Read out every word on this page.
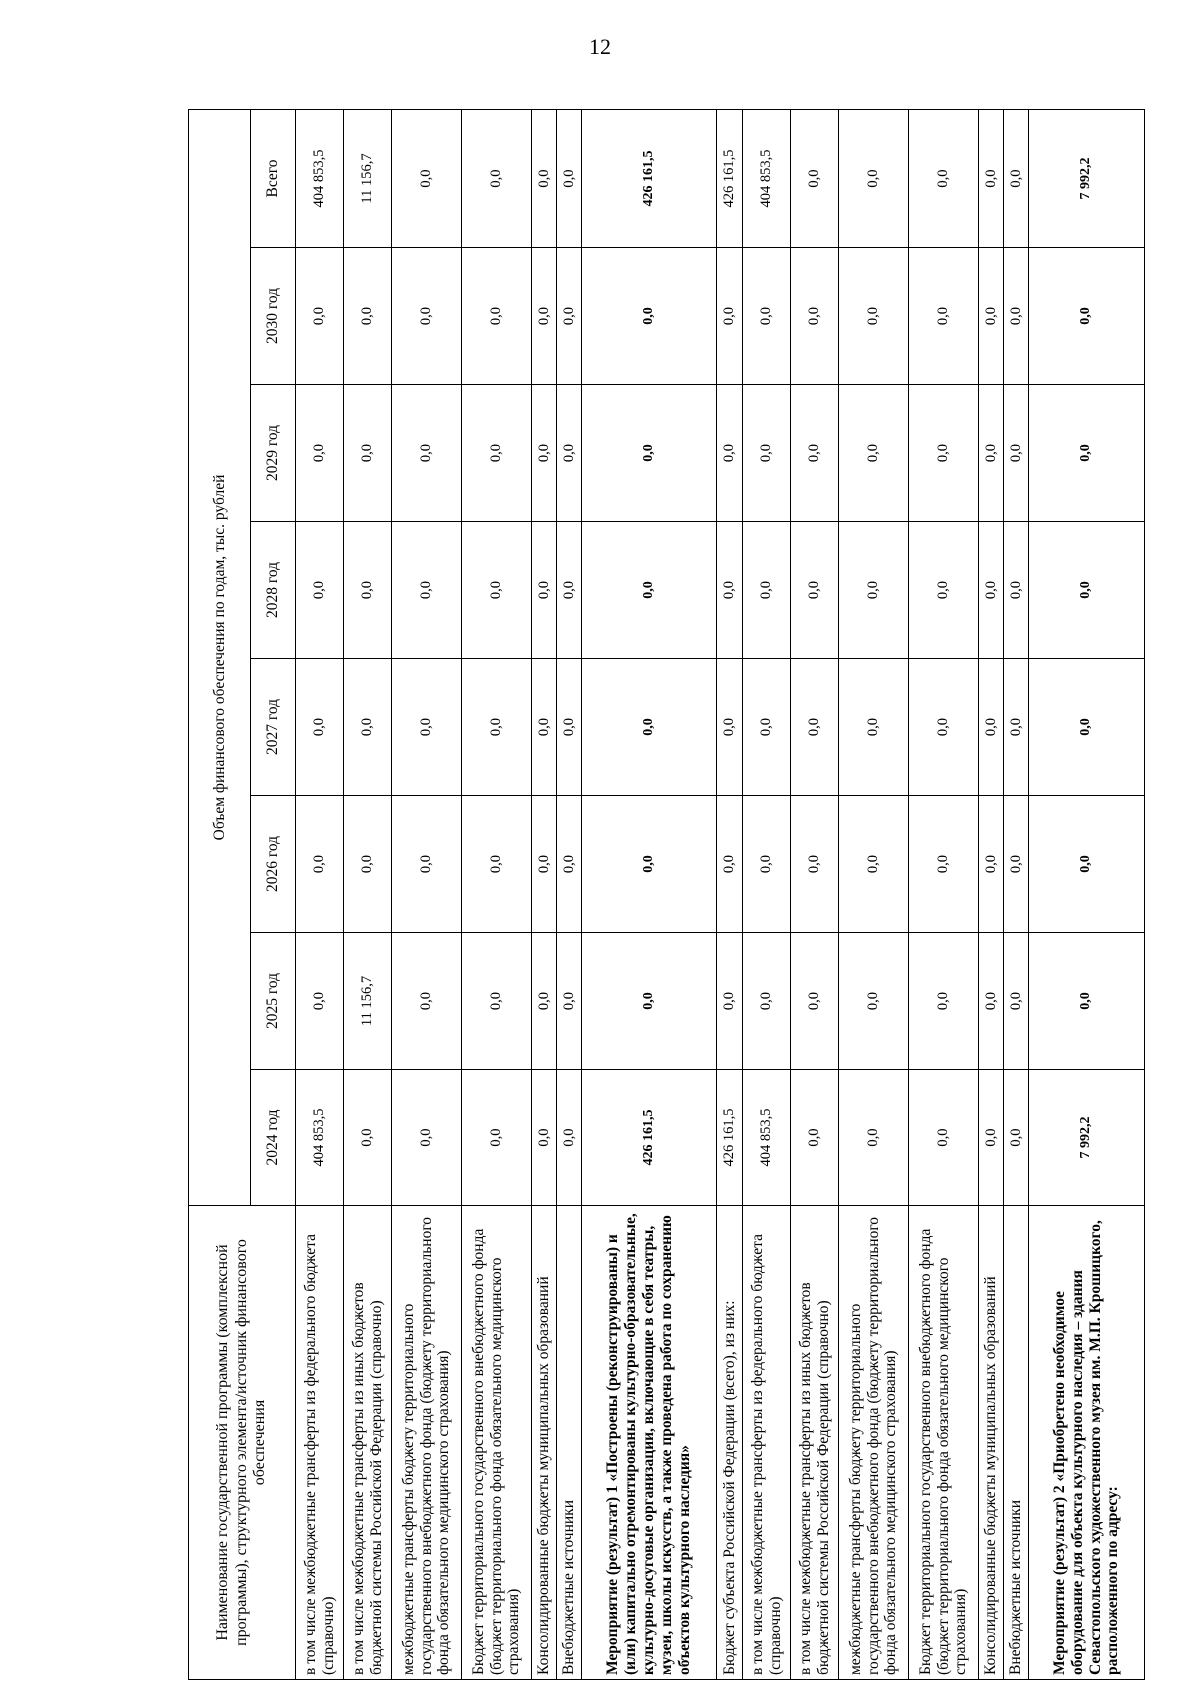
12
Наименование государственной программы (комплексной программы), структурного элемента/источник финансового обеспечения	Объем финансового обеспечения по годам, тыс. рублей							
	2024 год	2025 год	2026 год	2027 год	2028 год	2029 год	2030 год	Всего

в том числе межбюджетные трансферты из федерального бюджета (справочно)	404 853,5	0,0	0,0	0,0	0,0	0,0	0,0	404 853,5

в том числе межбюджетные трансферты из иных бюджетов бюджетной системы Российской Федерации (справочно)	0,0	11 156,7	0,0	0,0	0,0	0,0	0,0	11 156,7

межбюджетные трансферты бюджету территориального государственного внебюджетного фонда (бюджету территориального фонда обязательного медицинского страхования)	0,0	0,0	0,0	0,0	0,0	0,0	0,0	0,0

Бюджет территориального государственного внебюджетного фонда (бюджет территориального фонда обязательного медицинского страхования)	0,0	0,0	0,0	0,0	0,0	0,0	0,0	0,0

Консолидированные бюджеты муниципальных образований	0,0	0,0	0,0	0,0	0,0	0,0	0,0	0,0

Внебюджетные источники	0,0	0,0	0,0	0,0	0,0	0,0	0,0	0,0

Мероприятие (результат) 1 «Построены (реконструированы) и (или) капитально отремонтированы культурно-образовательные, культурно-досуговые организации, включающие в себя театры, музеи, школы искусств, а также проведена работа по сохранению объектов культурного наследия»	426 161,5	0,0	0,0	0,0	0,0	0,0	0,0	426 161,5

Бюджет субъекта Российской Федерации (всего), из них:	426 161,5	0,0	0,0	0,0	0,0	0,0	0,0	426 161,5

в том числе межбюджетные трансферты из федерального бюджета (справочно)	404 853,5	0,0	0,0	0,0	0,0	0,0	0,0	404 853,5

в том числе межбюджетные трансферты из иных бюджетов бюджетной системы Российской Федерации (справочно)	0,0	0,0	0,0	0,0	0,0	0,0	0,0	0,0

межбюджетные трансферты бюджету территориального государственного внебюджетного фонда (бюджету территориального фонда обязательного медицинского страхования)	0,0	0,0	0,0	0,0	0,0	0,0	0,0	0,0

Бюджет территориального государственного внебюджетного фонда (бюджет территориального фонда обязательного медицинского страхования)	0,0	0,0	0,0	0,0	0,0	0,0	0,0	0,0

Консолидированные бюджеты муниципальных образований	0,0	0,0	0,0	0,0	0,0	0,0	0,0	0,0

Внебюджетные источники	0,0	0,0	0,0	0,0	0,0	0,0	0,0	0,0

Мероприятие (результат) 2 «Приобретено необходимое оборудование для объекта культурного наследия – здания Севастопольского художественного музея им. М.П. Крошицкого, расположенного по адресу:	7 992,2	0,0	0,0	0,0	0,0	0,0	0,0	7 992,2
